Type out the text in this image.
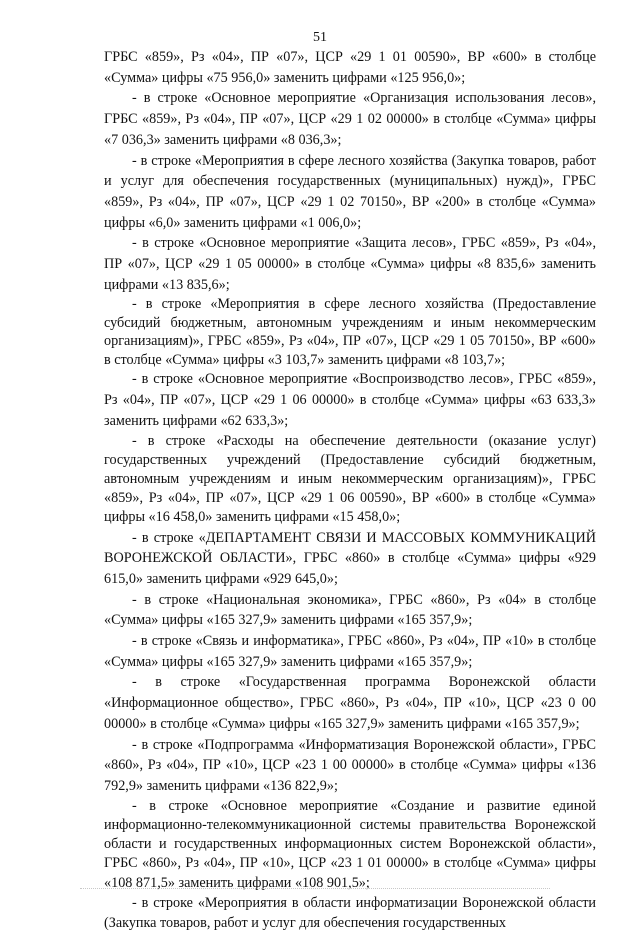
51

ГРБС «859», Рз «04», ПР «07», ЦСР «29 1 01 00590», ВР «600» в столбце «Сумма» цифры «75 956,0» заменить цифрами «125 956,0»;

- в строке «Основное мероприятие «Организация использования лесов», ГРБС «859», Рз «04», ПР «07», ЦСР «29 1 02 00000» в столбце «Сумма» цифры «7 036,3» заменить цифрами «8 036,3»;

- в строке «Мероприятия в сфере лесного хозяйства (Закупка товаров, работ и услуг для обеспечения государственных (муниципальных) нужд)», ГРБС «859», Рз «04», ПР «07», ЦСР «29 1 02 70150», ВР «200» в столбце «Сумма» цифры «6,0» заменить цифрами «1 006,0»;

- в строке «Основное мероприятие «Защита лесов», ГРБС «859», Рз «04», ПР «07», ЦСР «29 1 05 00000» в столбце «Сумма» цифры «8 835,6» заменить цифрами «13 835,6»;

- в строке «Мероприятия в сфере лесного хозяйства (Предоставление субсидий бюджетным, автономным учреждениям и иным некоммерческим организациям)», ГРБС «859», Рз «04», ПР «07», ЦСР «29 1 05 70150», ВР «600» в столбце «Сумма» цифры «3 103,7» заменить цифрами «8 103,7»;

- в строке «Основное мероприятие «Воспроизводство лесов», ГРБС «859», Рз «04», ПР «07», ЦСР «29 1 06 00000» в столбце «Сумма» цифры «63 633,3» заменить цифрами «62 633,3»;

- в строке «Расходы на обеспечение деятельности (оказание услуг) государственных учреждений (Предоставление субсидий бюджетным, автономным учреждениям и иным некоммерческим организациям)», ГРБС «859», Рз «04», ПР «07», ЦСР «29 1 06 00590», ВР «600» в столбце «Сумма» цифры «16 458,0» заменить цифрами «15 458,0»;

- в строке «ДЕПАРТАМЕНТ СВЯЗИ И МАССОВЫХ КОММУНИКАЦИЙ ВОРОНЕЖСКОЙ ОБЛАСТИ», ГРБС «860» в столбце «Сумма» цифры «929 615,0» заменить цифрами «929 645,0»;

- в строке «Национальная экономика», ГРБС «860», Рз «04» в столбце «Сумма» цифры «165 327,9» заменить цифрами «165 357,9»;

- в строке «Связь и информатика», ГРБС «860», Рз «04», ПР «10» в столбце «Сумма» цифры «165 327,9» заменить цифрами «165 357,9»;

- в строке «Государственная программа Воронежской области «Информационное общество», ГРБС «860», Рз «04», ПР «10», ЦСР «23 0 00 00000» в столбце «Сумма» цифры «165 327,9» заменить цифрами «165 357,9»;

- в строке «Подпрограмма «Информатизация Воронежской области», ГРБС «860», Рз «04», ПР «10», ЦСР «23 1 00 00000» в столбце «Сумма» цифры «136 792,9» заменить цифрами «136 822,9»;

- в строке «Основное мероприятие «Создание и развитие единой информационно-телекоммуникационной системы правительства Воронежской области и государственных информационных систем Воронежской области», ГРБС «860», Рз «04», ПР «10», ЦСР «23 1 01 00000» в столбце «Сумма» цифры «108 871,5» заменить цифрами «108 901,5»;

- в строке «Мероприятия в области информатизации Воронежской области (Закупка товаров, работ и услуг для обеспечения государственных
